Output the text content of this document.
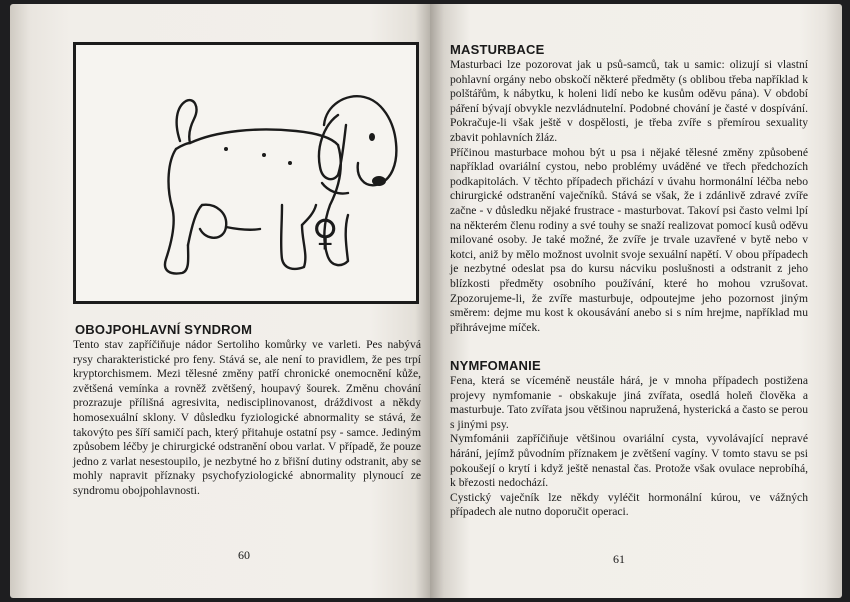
♀
OBOJPOHLAVNÍ SYNDROM

Tento stav zapříčiňuje nádor Sertoliho komůrky ve varleti. Pes nabývá rysy charakteristické pro feny. Stává se, ale není to pravidlem, že pes trpí kryptorchismem. Mezi tělesné změny patří chronické onemocnění kůže, zvětšená vemínka a rovněž zvětšený, houpavý šourek. Změnu chování prozrazuje přílišná agresivita, nedisciplinovanost, dráždivost a někdy homosexuální sklony. V důsledku fyziologické abnormality se stává, že takovýto pes šíří samičí pach, který přitahuje ostatní psy - samce. Jediným způsobem léčby je chirurgické odstranění obou varlat. V případě, že pouze jedno z varlat nesestoupilo, je nezbytné ho z břišní dutiny odstranit, aby se mohly napravit příznaky psychofyziologické abnormality plynoucí ze syndromu obojpohlavnosti.

60
MASTURBACE

Masturbaci lze pozorovat jak u psů-samců, tak u samic: olizují si vlastní pohlavní orgány nebo obskočí některé předměty (s oblibou třeba například k polštářům, k nábytku, k holeni lidí nebo ke kusům oděvu pána). V období páření bývají obvykle nezvládnutelní. Podobné chování je časté v dospívání. Pokračuje-li však ještě v dospělosti, je třeba zvíře s přemírou sexuality zbavit pohlavních žláz.

Příčinou masturbace mohou být u psa i nějaké tělesné změny způsobené například ovariální cystou, nebo problémy uváděné ve třech předchozích podkapitolách. V těchto případech přichází v úvahu hormonální léčba nebo chirurgické odstranění vaječníků. Stává se však, že i zdánlivě zdravé zvíře začne - v důsledku nějaké frustrace - masturbovat. Takoví psi často velmi lpí na některém členu rodiny a své touhy se snaží realizovat pomocí kusů oděvu milované osoby. Je také možné, že zvíře je trvale uzavřené v bytě nebo v kotci, aniž by mělo možnost uvolnit svoje sexuální napětí. V obou případech je nezbytné odeslat psa do kursu nácviku poslušnosti a odstranit z jeho blízkosti předměty osobního používání, které ho mohou vzrušovat. Zpozorujeme-li, že zvíře masturbuje, odpoutejme jeho pozornost jiným směrem: dejme mu kost k okousávání anebo si s ním hrejme, například mu přihrávejme míček.

NYMFOMANIE

Fena, která se víceméně neustále hárá, je v mnoha případech postižena projevy nymfomanie - obskakuje jiná zvířata, osedlá holeň člověka a masturbuje. Tato zvířata jsou většinou napružená, hysterická a často se perou s jinými psy.

Nymfománii zapříčiňuje většinou ovariální cysta, vyvolávající nepravé hárání, jejímž původním příznakem je zvětšení vagíny. V tomto stavu se psi pokoušejí o krytí i když ještě nenastal čas. Protože však ovulace neprobíhá, k březosti nedochází.

Cystický vaječník lze někdy vyléčit hormonální kúrou, ve vážných případech ale nutno doporučit operaci.

61
